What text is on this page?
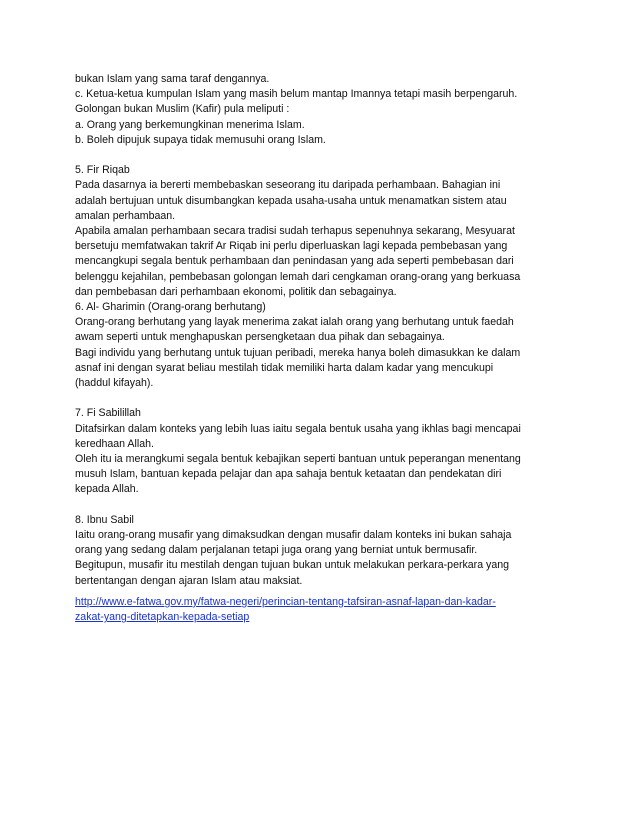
bukan Islam yang sama taraf dengannya.
c. Ketua-ketua kumpulan Islam yang masih belum mantap Imannya tetapi masih berpengaruh.
Golongan bukan Muslim (Kafir) pula meliputi :
a. Orang yang berkemungkinan menerima Islam.
b. Boleh dipujuk supaya tidak memusuhi orang Islam.
5. Fir Riqab
Pada dasarnya ia bererti membebaskan seseorang itu daripada perhambaan. Bahagian ini
adalah bertujuan untuk disumbangkan kepada usaha-usaha untuk menamatkan sistem atau
amalan perhambaan.
Apabila amalan perhambaan secara tradisi sudah terhapus sepenuhnya sekarang, Mesyuarat
bersetuju memfatwakan takrif Ar Riqab ini perlu diperluaskan lagi kepada pembebasan yang
mencangkupi segala bentuk perhambaan dan penindasan yang ada seperti pembebasan dari
belenggu kejahilan, pembebasan golongan lemah dari cengkaman orang-orang yang berkuasa
dan pembebasan dari perhambaan ekonomi, politik dan sebagainya.
6. Al- Gharimin (Orang-orang berhutang)
Orang-orang berhutang yang layak menerima zakat ialah orang yang berhutang untuk faedah
awam seperti untuk menghapuskan persengketaan dua pihak dan sebagainya.
Bagi individu yang berhutang untuk tujuan peribadi, mereka hanya boleh dimasukkan ke dalam
asnaf ini dengan syarat beliau mestilah tidak memiliki harta dalam kadar yang mencukupi
(haddul kifayah).
7. Fi Sabilillah
Ditafsirkan dalam konteks yang lebih luas iaitu segala bentuk usaha yang ikhlas bagi mencapai
keredhaan Allah.
Oleh itu ia merangkumi segala bentuk kebajikan seperti bantuan untuk peperangan menentang
musuh Islam, bantuan kepada pelajar dan apa sahaja bentuk ketaatan dan pendekatan diri
kepada Allah.
8. Ibnu Sabil
Iaitu orang-orang musafir yang dimaksudkan dengan musafir dalam konteks ini bukan sahaja
orang yang sedang dalam perjalanan tetapi juga orang yang berniat untuk bermusafir.
Begitupun, musafir itu mestilah dengan tujuan bukan untuk melakukan perkara-perkara yang
bertentangan dengan ajaran Islam atau maksiat.
http://www.e-fatwa.gov.my/fatwa-negeri/perincian-tentang-tafsiran-asnaf-lapan-dan-kadar-
zakat-yang-ditetapkan-kepada-setiap
